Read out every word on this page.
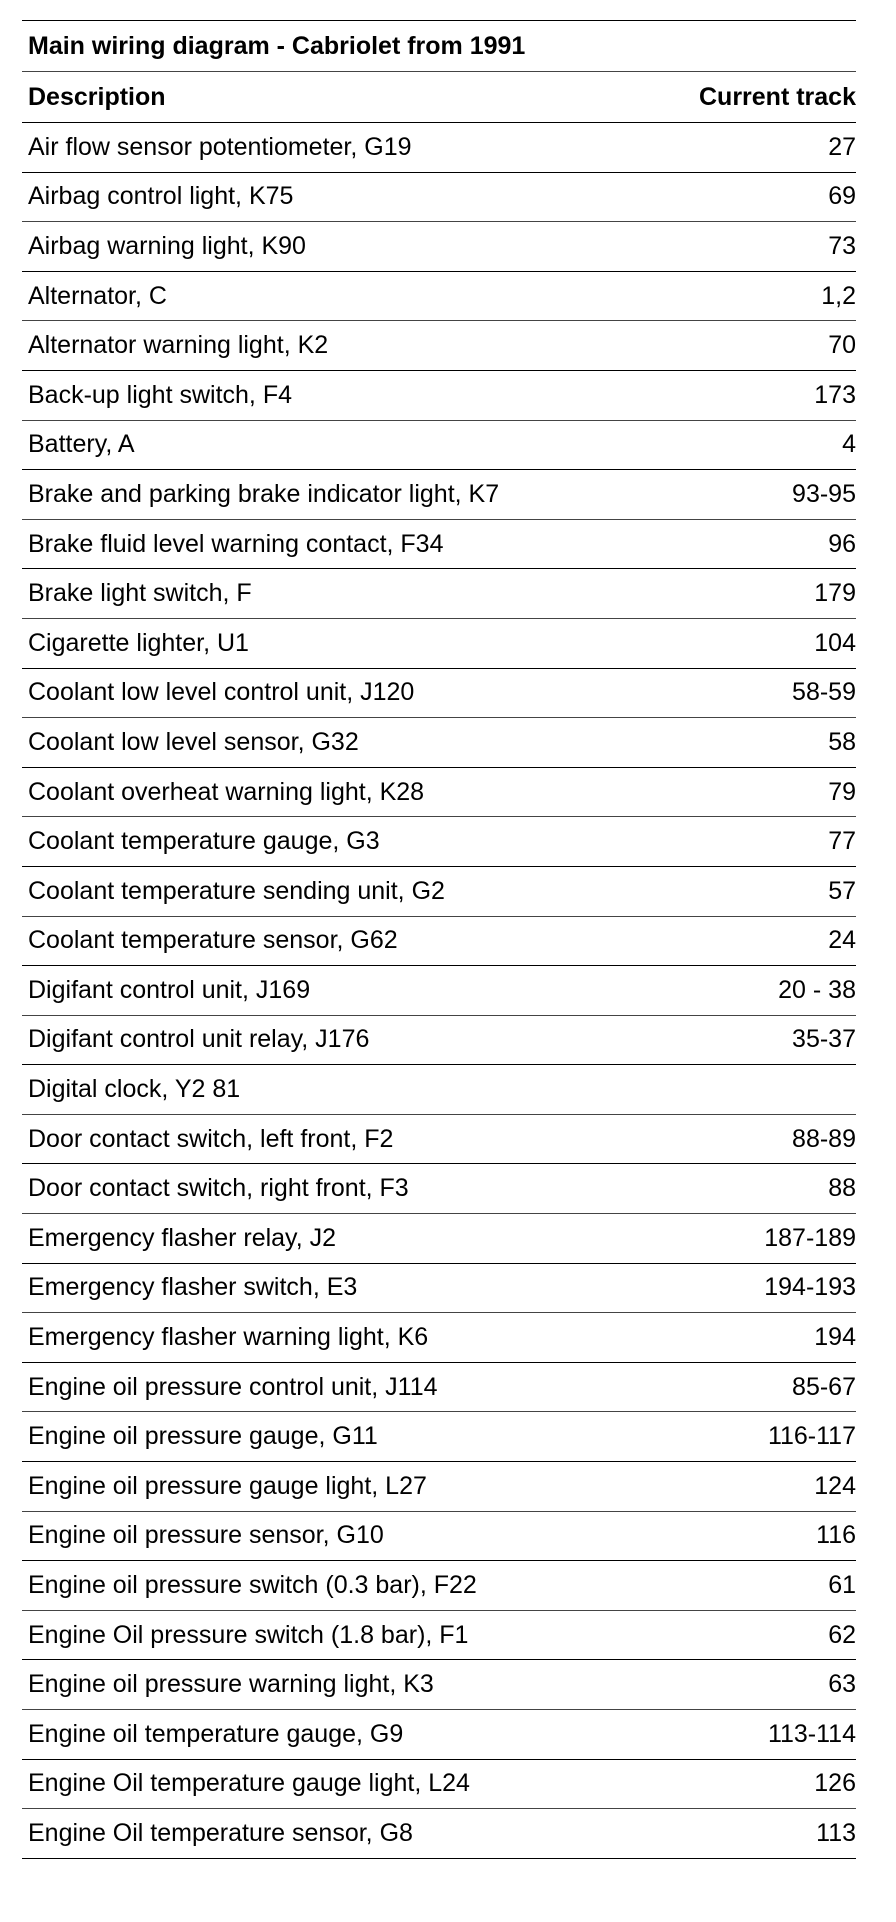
Main wiring diagram - Cabriolet from 1991
Description	Current track
Air flow sensor potentiometer, G19	27
Airbag control light, K75	69
Airbag warning light, K90	73
Alternator, C	1,2
Alternator warning light, K2	70
Back-up light switch, F4	173
Battery, A	4
Brake and parking brake indicator light, K7	93-95
Brake fluid level warning contact, F34	96
Brake light switch, F	179
Cigarette lighter, U1	104
Coolant low level control unit, J120	58-59
Coolant low level sensor, G32	58
Coolant overheat warning light, K28	79
Coolant temperature gauge, G3	77
Coolant temperature sending unit, G2	57
Coolant temperature sensor, G62	24
Digifant control unit, J169	20 - 38
Digifant control unit relay, J176	35-37
Digital clock, Y2 81
Door contact switch, left front, F2	88-89
Door contact switch, right front, F3	88
Emergency flasher relay, J2	187-189
Emergency flasher switch, E3	194-193
Emergency flasher warning light, K6	194
Engine oil pressure control unit, J114	85-67
Engine oil pressure gauge, G11	116-117
Engine oil pressure gauge light, L27	124
Engine oil pressure sensor, G10	116
Engine oil pressure switch (0.3 bar), F22	61
Engine Oil pressure switch (1.8 bar), F1	62
Engine oil pressure warning light, K3	63
Engine oil temperature gauge, G9	113-114
Engine Oil temperature gauge light, L24	126
Engine Oil temperature sensor, G8	113
